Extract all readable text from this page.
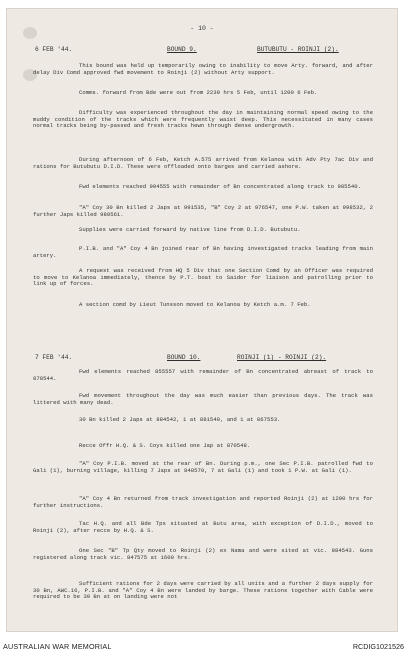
- 10 -
6 FEB '44.	BOUND 9.	BUTUBUTU - ROINJI (2).

This bound was held up temporarily owing to inability to move Arty. forward, and after delay Div Comd approved fwd movement to Roinji (2) without Arty support.

Comms. forward from Bde were out from 2230 hrs 5 Feb, until 1200 6 Feb.

Difficulty was experienced throughout the day in maintaining normal speed owing to the muddy condition of the tracks which were frequently waist deep. This necessitated in many cases normal tracks being by-passed and fresh tracks hewn through dense undergrowth.

During afternoon of 6 Feb, Ketch A.575 arrived from Kelanoa with Adv Pty 7ac Div and rations for Butubutu D.I.D. These were offloaded onto barges and carried ashore.

Fwd elements reached 904555 with remainder of Bn concentrated along track to 985540.

"A" Coy 30 Bn killed 2 Japs at 991535, "B" Coy 2 at 976547, one P.W. taken at 998532, 2 further Japs killed 980561.

Supplies were carried forward by native line from D.I.D. Butubutu.

P.I.B. and "A" Coy 4 Bn joined rear of Bn having investigated tracks leading from main artery.

A request was received from HQ 5 Div that one Section Comd by an Officer was required to move to Kelanoa immediately, thence by P.T. boat to Saidor for liaison and patrolling prior to link up of forces.

A section comd by Lieut Tunsson moved to Kelanoa by Ketch a.m. 7 Feb.

7 FEB '44.	BOUND 10.	ROINJI (1) - ROINJI (2).

Fwd elements reached 855557 with remainder of Bn concentrated abreast of track to 878544.

Fwd movement throughout the day was much easier than previous days. The track was littered with many dead.

30 Bn killed 2 Japs at 884542, 1 at 881549, and 1 at 867553.

Recce Offr H.Q. & S. Coys killed one Jap at 870548.

"A" Coy P.I.B. moved at the rear of Bn. During p.m., one Sec P.I.B. patrolled fwd to Gali (1), burning village, killing 7 Japs at 848570, 7 at Gali (1) and took 1 P.W. at Gali (1).

"A" Coy 4 Bn returned from track investigation and reported Roinji (2) at 1200 hrs for further instructions.

Tac H.Q. and all Bde Tps situated at Butu area, with exception of D.I.D., moved to Roinji (2), after recce by H.Q. & S.

One Sec "B" Tp Qty moved to Roinji (2) ex Nama and were sited at vic. 884543. Guns registered along track vic. 847575 at 1600 hrs.

Sufficient rations for 2 days were carried by all units and a further 2 days supply for 30 Bn, AWC.16, P.I.B. and "A" Coy 4 Bn were landed by barge. These rations together with Cable were required to be 30 Bn at on landing were not

AUSTRALIAN WAR MEMORIAL	RCDIG1021526
